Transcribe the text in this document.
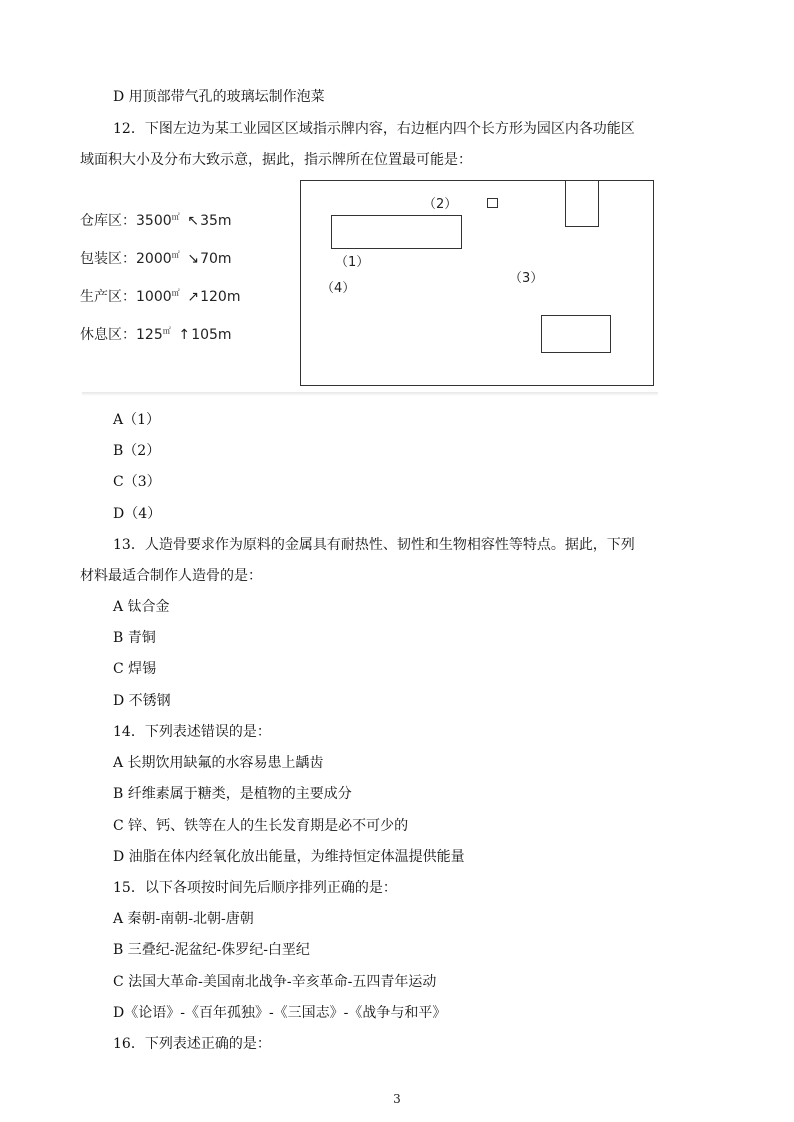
D 用顶部带气孔的玻璃坛制作泡菜
12．下图左边为某工业园区区域指示牌内容，右边框内四个长方形为园区内各功能区
域面积大小及分布大致示意，据此，指示牌所在位置最可能是：
仓库区：3500㎡ ↖35m
包装区：2000㎡ ↘70m
生产区：1000㎡ ↗120m
休息区：125㎡ ↑105m
（2）
（1）
（4）
（3）
A（1）
B（2）
C（3）
D（4）
13．人造骨要求作为原料的金属具有耐热性、韧性和生物相容性等特点。据此，下列
材料最适合制作人造骨的是：
A 钛合金
B 青铜
C 焊锡
D 不锈钢
14．下列表述错误的是：
A 长期饮用缺氟的水容易患上龋齿
B 纤维素属于糖类，是植物的主要成分
C 锌、钙、铁等在人的生长发育期是必不可少的
D 油脂在体内经氧化放出能量，为维持恒定体温提供能量
15．以下各项按时间先后顺序排列正确的是：
A 秦朝-南朝-北朝-唐朝
B 三叠纪-泥盆纪-侏罗纪-白垩纪
C 法国大革命-美国南北战争-辛亥革命-五四青年运动
D《论语》-《百年孤独》-《三国志》-《战争与和平》
16．下列表述正确的是：
3
